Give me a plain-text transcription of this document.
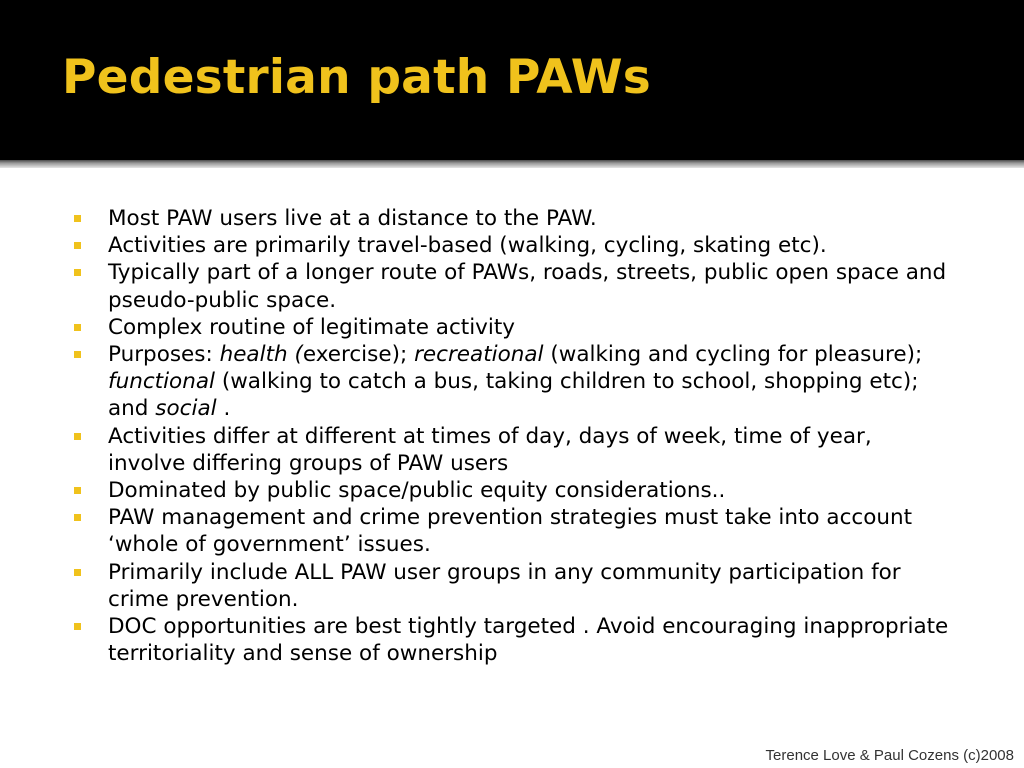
Pedestrian path PAWs
Most PAW users live at a distance to the PAW.
Activities are primarily travel-based (walking, cycling, skating etc).
Typically part of a longer route of PAWs, roads, streets, public open space and pseudo-public space.
Complex routine of legitimate activity
Purposes: health (exercise); recreational (walking and cycling for pleasure); functional (walking to catch a bus, taking children to school, shopping etc); and social .
Activities differ at different at times of day, days of week, time of year, involve differing groups of PAW users
Dominated by public space/public equity considerations..
PAW management and crime prevention strategies must take into account ‘whole of government’ issues.
Primarily include ALL PAW user groups in any community participation for crime prevention.
DOC opportunities are best tightly targeted . Avoid encouraging inappropriate territoriality and sense of ownership
Terence Love & Paul Cozens (c)2008
